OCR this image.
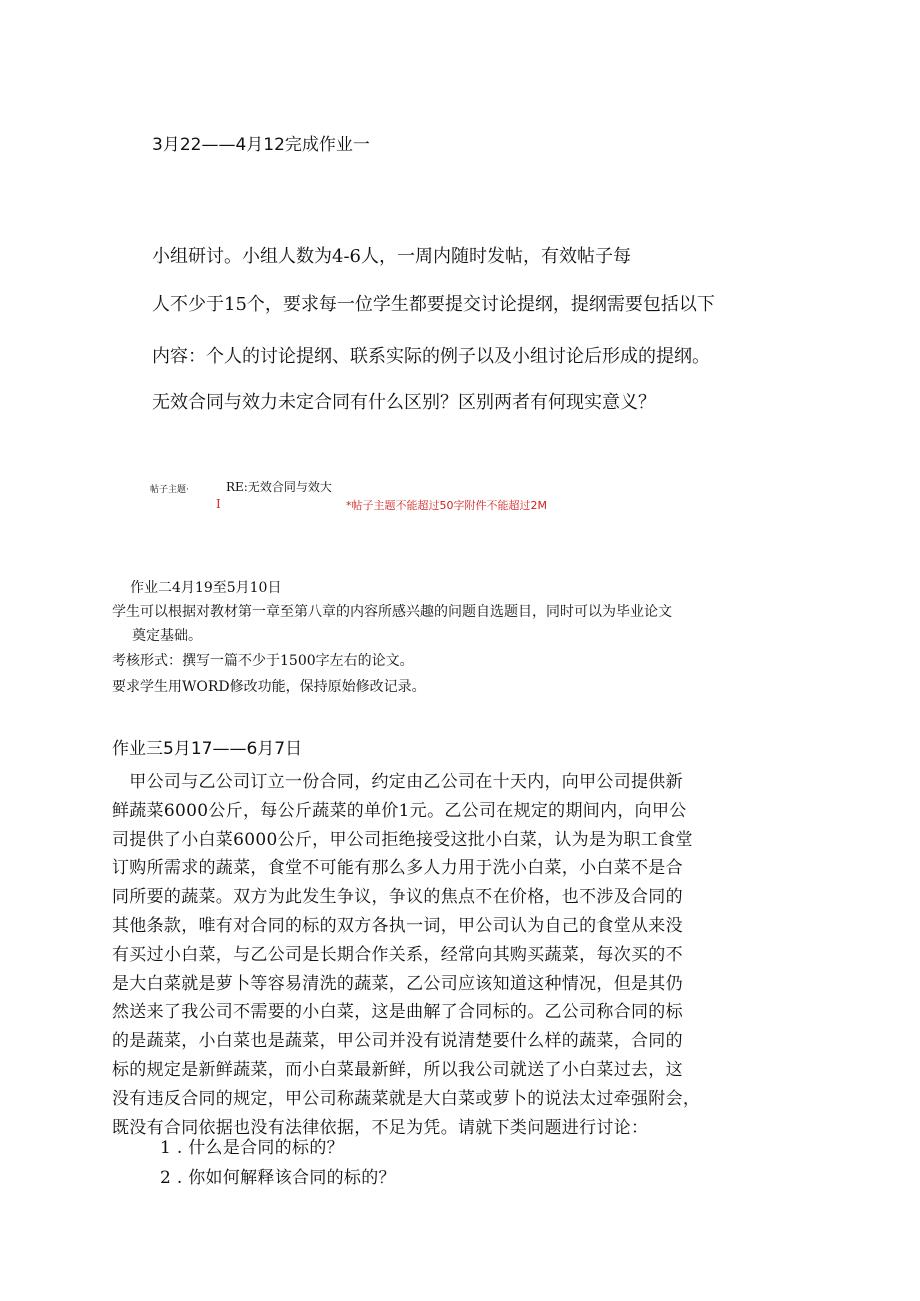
3月22——4月12完成作业一
小组研讨。小组人数为4-6人，一周内随时发帖，有效帖子每
人不少于15个，要求每一位学生都要提交讨论提纲，提纲需要包括以下
内容：个人的讨论提纲、联系实际的例子以及小组讨论后形成的提纲。
无效合同与效力未定合同有什么区别？区别两者有何现实意义？
帖子主题·	RE:无效合同与效大
I	*帖子主题不能超过50字附件不能超过2M
作业二4月19至5月10日
学生可以根据对教材第一章至第八章的内容所感兴趣的问题自选题目，同时可以为毕业论文
奠定基础。
考核形式：撰写一篇不少于1500字左右的论文。
要求学生用WORD修改功能，保持原始修改记录。
作业三5月17——6月7日
　甲公司与乙公司订立一份合同，约定由乙公司在十天内，向甲公司提供新
鲜蔬菜6000公斤，每公斤蔬菜的单价1元。乙公司在规定的期间内，向甲公
司提供了小白菜6000公斤，甲公司拒绝接受这批小白菜，认为是为职工食堂
订购所需求的蔬菜，食堂不可能有那么多人力用于洗小白菜，小白菜不是合
同所要的蔬菜。双方为此发生争议，争议的焦点不在价格，也不涉及合同的
其他条款，唯有对合同的标的双方各执一词，甲公司认为自己的食堂从来没
有买过小白菜，与乙公司是长期合作关系，经常向其购买蔬菜，每次买的不
是大白菜就是萝卜等容易清洗的蔬菜，乙公司应该知道这种情况，但是其仍
然送来了我公司不需要的小白菜，这是曲解了合同标的。乙公司称合同的标
的是蔬菜，小白菜也是蔬菜，甲公司并没有说清楚要什么样的蔬菜，合同的
标的规定是新鲜蔬菜，而小白菜最新鲜，所以我公司就送了小白菜过去，这
没有违反合同的规定，甲公司称蔬菜就是大白菜或萝卜的说法太过牵强附会，
既没有合同依据也没有法律依据，不足为凭。请就下类问题进行讨论：
1 . 什么是合同的标的？
2 . 你如何解释该合同的标的？
